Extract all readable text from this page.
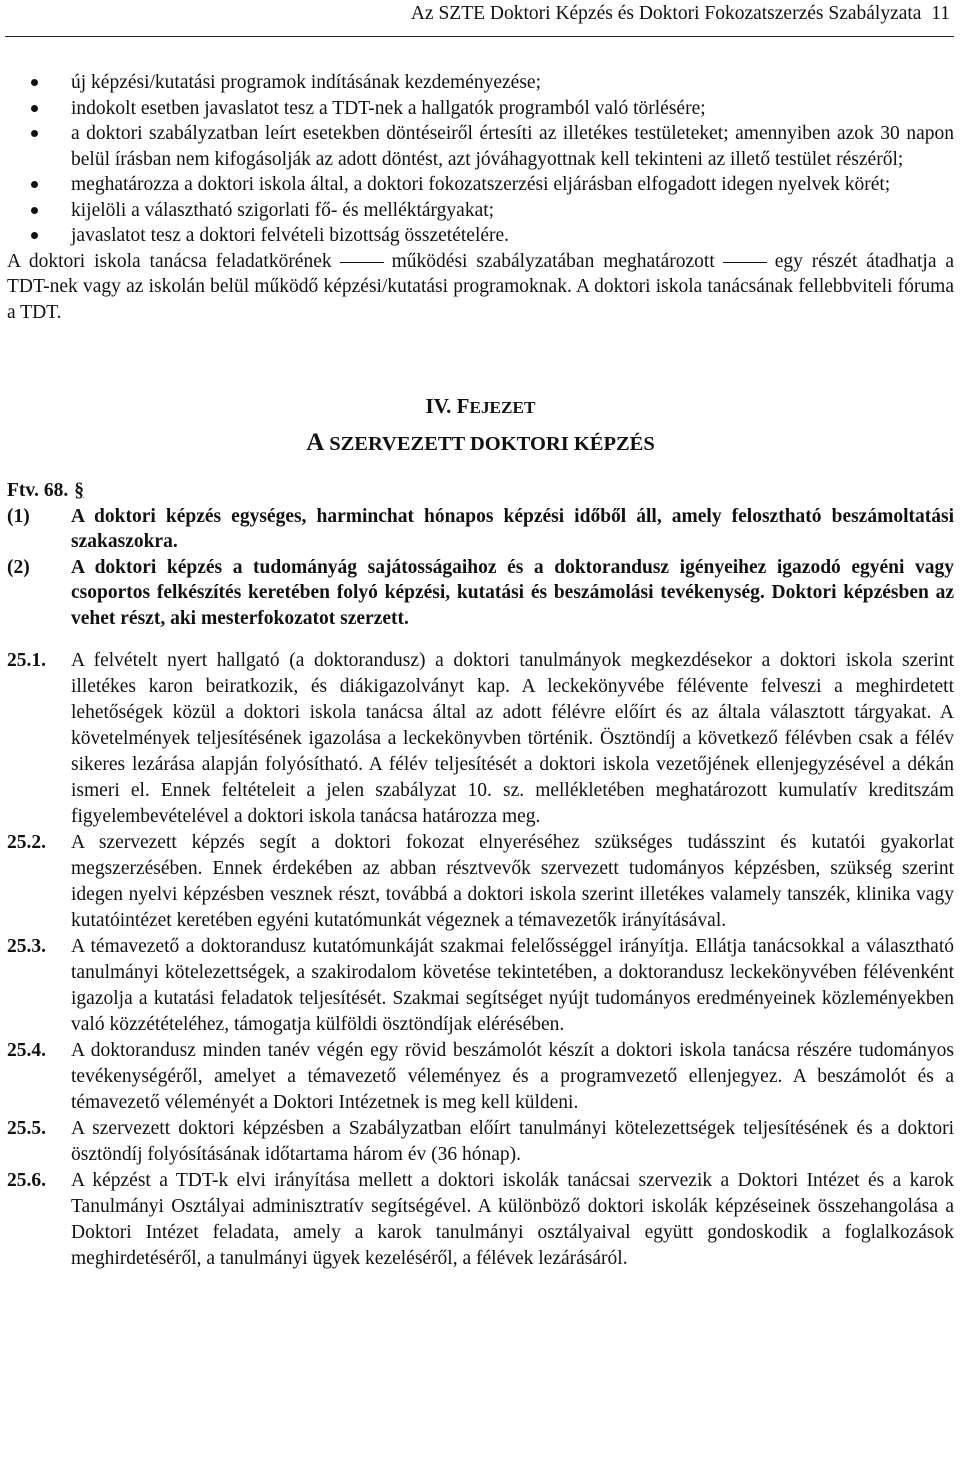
Az SZTE Doktori Képzés és Doktori Fokozatszerzés Szabályzata 11
új képzési/kutatási programok indításának kezdeményezése;
indokolt esetben javaslatot tesz a TDT-nek a hallgatók programból való törlésére;
a doktori szabályzatban leírt esetekben döntéseiről értesíti az illetékes testületeket; amennyiben azok 30 napon belül írásban nem kifogásolják az adott döntést, azt jóváhagyottnak kell tekinteni az illető testület részéről;
meghatározza a doktori iskola által, a doktori fokozatszerzési eljárásban elfogadott idegen nyelvek körét;
kijelöli a választható szigorlati fő- és melléktárgyakat;
javaslatot tesz a doktori felvételi bizottság összetételére.

A doktori iskola tanácsa feladatkörének	működési szabályzatában meghatározott	egy részét átadhatja a TDT-nek vagy az iskolán belül működő képzési/kutatási programoknak. A doktori iskola tanácsának fellebbviteli fóruma a TDT.

IV. FEJEZET
A SZERVEZETT DOKTORI KÉPZÉS

Ftv. 68. §

(1) A doktori képzés egységes, harminchat hónapos képzési időből áll, amely felosztható beszámoltatási szakaszokra.
(2) A doktori képzés a tudományág sajátosságaihoz és a doktorandusz igényeihez igazodó egyéni vagy csoportos felkészítés keretében folyó képzési, kutatási és beszámolási tevékenység. Doktori képzésben az vehet részt, aki mesterfokozatot szerzett.
25.1. A felvételt nyert hallgató (a doktorandusz) a doktori tanulmányok megkezdésekor a doktori iskola szerint illetékes karon beiratkozik, és diákigazolványt kap. A leckekönyvébe félévente felveszi a meghirdetett lehetőségek közül a doktori iskola tanácsa által az adott félévre előírt és az általa választott tárgyakat. A követelmények teljesítésének igazolása a leckekönyvben történik. Ösztöndíj a következő félévben csak a félév sikeres lezárása alapján folyósítható. A félév teljesítését a doktori iskola vezetőjének ellenjegyzésével a dékán ismeri el. Ennek feltételeit a jelen szabályzat 10. sz. mellékletében meghatározott kumulatív kreditszám figyelembevételével a doktori iskola tanácsa határozza meg.
25.2. A szervezett képzés segít a doktori fokozat elnyeréséhez szükséges tudásszint és kutatói gyakorlat megszerzésében. Ennek érdekében az abban résztvevők szervezett tudományos képzésben, szükség szerint idegen nyelvi képzésben vesznek részt, továbbá a doktori iskola szerint illetékes valamely tanszék, klinika vagy kutatóintézet keretében egyéni kutatómunkát végeznek a témavezetők irányításával.
25.3. A témavezető a doktorandusz kutatómunkáját szakmai felelősséggel irányítja. Ellátja tanácsokkal a választható tanulmányi kötelezettségek, a szakirodalom követése tekintetében, a doktorandusz leckekönyvében félévenként igazolja a kutatási feladatok teljesítését. Szakmai segítséget nyújt tudományos eredményeinek közleményekben való közzétételéhez, támogatja külföldi ösztöndíjak elérésében.
25.4. A doktorandusz minden tanév végén egy rövid beszámolót készít a doktori iskola tanácsa részére tudományos tevékenységéről, amelyet a témavezető véleményez és a programvezető ellenjegyez. A beszámolót és a témavezető véleményét a Doktori Intézetnek is meg kell küldeni.
25.5. A szervezett doktori képzésben a Szabályzatban előírt tanulmányi kötelezettségek teljesítésének és a doktori ösztöndíj folyósításának időtartama három év (36 hónap).
25.6. A képzést a TDT-k elvi irányítása mellett a doktori iskolák tanácsai szervezik a Doktori Intézet és a karok Tanulmányi Osztályai adminisztratív segítségével. A különböző doktori iskolák képzéseinek összehangolása a Doktori Intézet feladata, amely a karok tanulmányi osztályaival együtt gondoskodik a foglalkozások meghirdetéséről, a tanulmányi ügyek kezeléséről, a félévek lezárásáról.
